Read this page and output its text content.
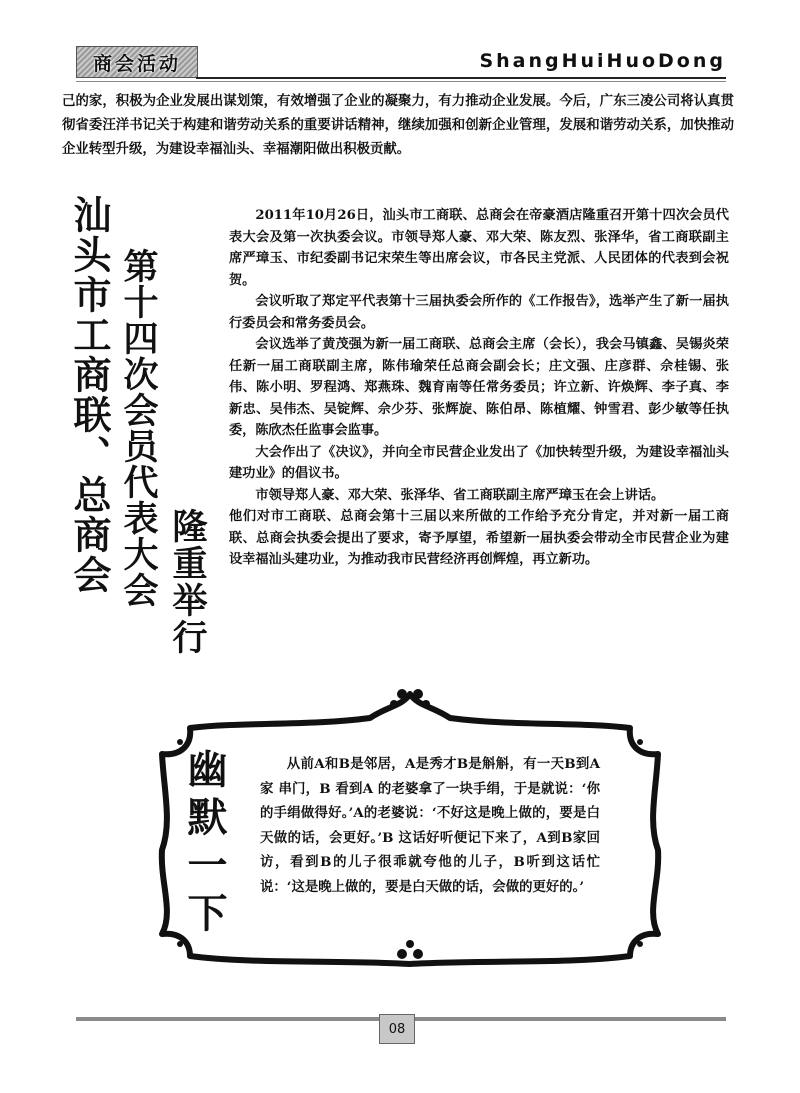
商会活动	ShangHuiHuoDong

己的家，积极为企业发展出谋划策，有效增强了企业的凝聚力，有力推动企业发展。今后，广东三凌公司将认真贯彻省委汪洋书记关于构建和谐劳动关系的重要讲话精神，继续加强和创新企业管理，发展和谐劳动关系，加快推动企业转型升级，为建设幸福汕头、幸福潮阳做出积极贡献。

汕头市工商联、总商会 第十四次会员代表大会 隆重举行

2011年10月26日，汕头市工商联、总商会在帝豪酒店隆重召开第十四次会员代表大会及第一次执委会议。市领导郑人豪、邓大荣、陈友烈、张泽华，省工商联副主席严璋玉、市纪委副书记宋荣生等出席会议，市各民主党派、人民团体的代表到会祝贺。

会议听取了郑定平代表第十三届执委会所作的《工作报告》，选举产生了新一届执行委员会和常务委员会。

会议选举了黄茂强为新一届工商联、总商会主席（会长），我会马镇鑫、吴锡炎荣任新一届工商联副主席，陈伟瑜荣任总商会副会长；庄文强、庄彦群、佘桂锡、张伟、陈小明、罗程鸿、郑燕珠、魏育南等任常务委员；许立新、许焕辉、李子真、李新忠、吴伟杰、吴锭辉、佘少芬、张辉旋、陈伯昂、陈植耀、钟雪君、彭少敏等任执委，陈欣杰任监事会监事。

大会作出了《决议》，并向全市民营企业发出了《加快转型升级，为建设幸福汕头建功业》的倡议书。

市领导郑人豪、邓大荣、张泽华、省工商联副主席严璋玉在会上讲话。

他们对市工商联、总商会第十三届以来所做的工作给予充分肯定，并对新一届工商联、总商会执委会提出了要求，寄予厚望，希望新一届执委会带动全市民营企业为建设幸福汕头建功业，为推动我市民营经济再创辉煌，再立新功。

幽默一下	从前A和B是邻居，A是秀才B是斛斛，有一天B到A家 串门，B 看到A 的老婆拿了一块手绢，于是就说：‘你的手绢做得好。’A的老婆说：‘不好这是晚上做的，要是白天做的话，会更好。’B 这话好听便记下来了，A到B家回访，看到B的儿子很乖就夸他的儿子，B听到这话忙说：‘这是晚上做的，要是白天做的话，会做的更好的。’

08
